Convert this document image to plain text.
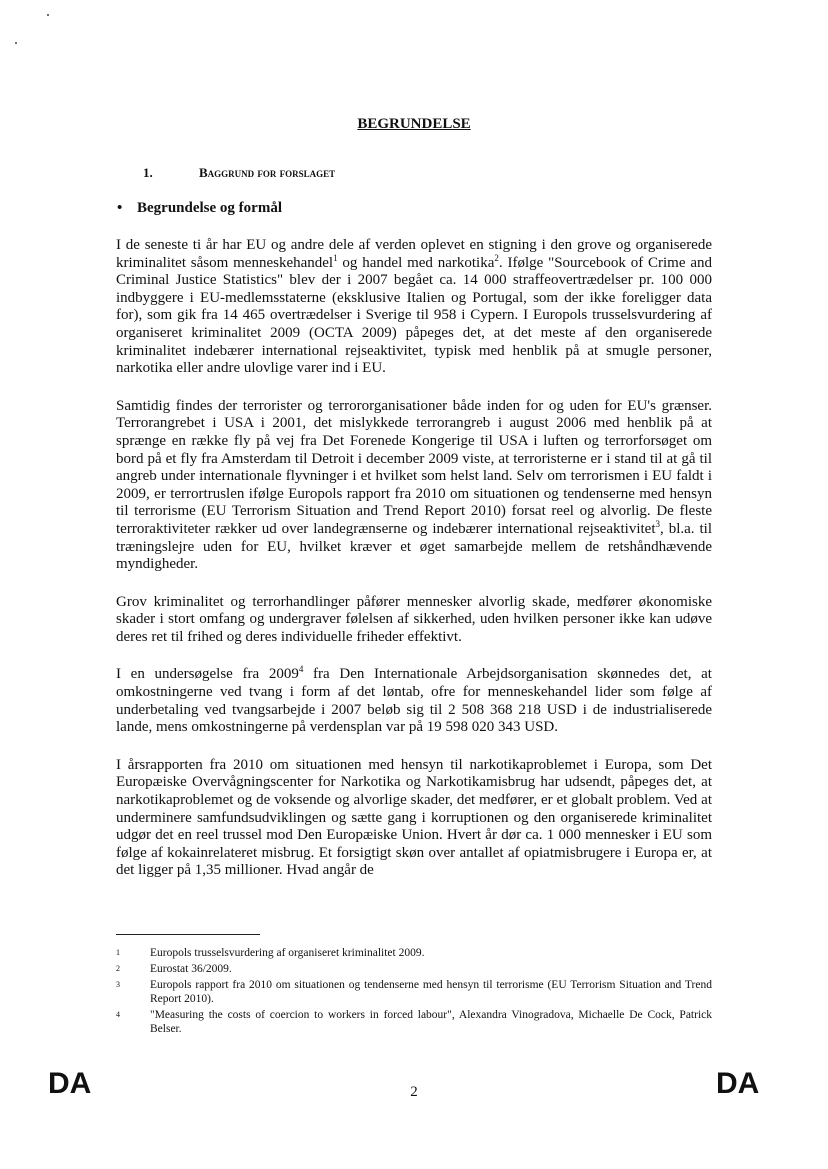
BEGRUNDELSE
1.	Baggrund for forslaget
• Begrundelse og formål

I de seneste ti år har EU og andre dele af verden oplevet en stigning i den grove og organiserede kriminalitet såsom menneskehandel$^1$ og handel med narkotika$^2$. Ifølge "Sourcebook of Crime and Criminal Justice Statistics" blev der i 2007 begået ca. 14 000 straffeovertrædelser pr. 100 000 indbyggere i EU-medlemsstaterne (eksklusive Italien og Portugal, som der ikke foreligger data for), som gik fra 14 465 overtrædelser i Sverige til 958 i Cypern. I Europols trusselsvurdering af organiseret kriminalitet 2009 (OCTA 2009) påpeges det, at det meste af den organiserede kriminalitet indebærer international rejseaktivitet, typisk med henblik på at smugle personer, narkotika eller andre ulovlige varer ind i EU.

Samtidig findes der terrorister og terrororganisationer både inden for og uden for EU's grænser. Terrorangrebet i USA i 2001, det mislykkede terrorangreb i august 2006 med henblik på at sprænge en række fly på vej fra Det Forenede Kongerige til USA i luften og terrorforsøget om bord på et fly fra Amsterdam til Detroit i december 2009 viste, at terroristerne er i stand til at gå til angreb under internationale flyvninger i et hvilket som helst land. Selv om terrorismen i EU faldt i 2009, er terrortruslen ifølge Europols rapport fra 2010 om situationen og tendenserne med hensyn til terrorisme (EU Terrorism Situation and Trend Report 2010) forsat reel og alvorlig. De fleste terroraktiviteter rækker ud over landegrænserne og indebærer international rejseaktivitet$^3$, bl.a. til træningslejre uden for EU, hvilket kræver et øget samarbejde mellem de retshåndhævende myndigheder.

Grov kriminalitet og terrorhandlinger påfører mennesker alvorlig skade, medfører økonomiske skader i stort omfang og undergraver følelsen af sikkerhed, uden hvilken personer ikke kan udøve deres ret til frihed og deres individuelle friheder effektivt.

I en undersøgelse fra 2009$^4$ fra Den Internationale Arbejdsorganisation skønnedes det, at omkostningerne ved tvang i form af det løntab, ofre for menneskehandel lider som følge af underbetaling ved tvangsarbejde i 2007 beløb sig til 2 508 368 218 USD i de industrialiserede lande, mens omkostningerne på verdensplan var på 19 598 020 343 USD.

I årsrapporten fra 2010 om situationen med hensyn til narkotikaproblemet i Europa, som Det Europæiske Overvågningscenter for Narkotika og Narkotikamisbrug har udsendt, påpeges det, at narkotikaproblemet og de voksende og alvorlige skader, det medfører, er et globalt problem. Ved at underminere samfundsudviklingen og sætte gang i korruptionen og den organiserede kriminalitet udgør det en reel trussel mod Den Europæiske Union. Hvert år dør ca. 1 000 mennesker i EU som følge af kokainrelateret misbrug. Et forsigtigt skøn over antallet af opiatmisbrugere i Europa er, at det ligger på 1,35 millioner. Hvad angår de

1	Europols trusselsvurdering af organiseret kriminalitet 2009.
2	Eurostat 36/2009.
3	Europols rapport fra 2010 om situationen og tendenserne med hensyn til terrorisme (EU Terrorism Situation and Trend Report 2010).
4	"Measuring the costs of coercion to workers in forced labour", Alexandra Vinogradova, Michaelle De Cock, Patrick Belser.
DA	2	DA
